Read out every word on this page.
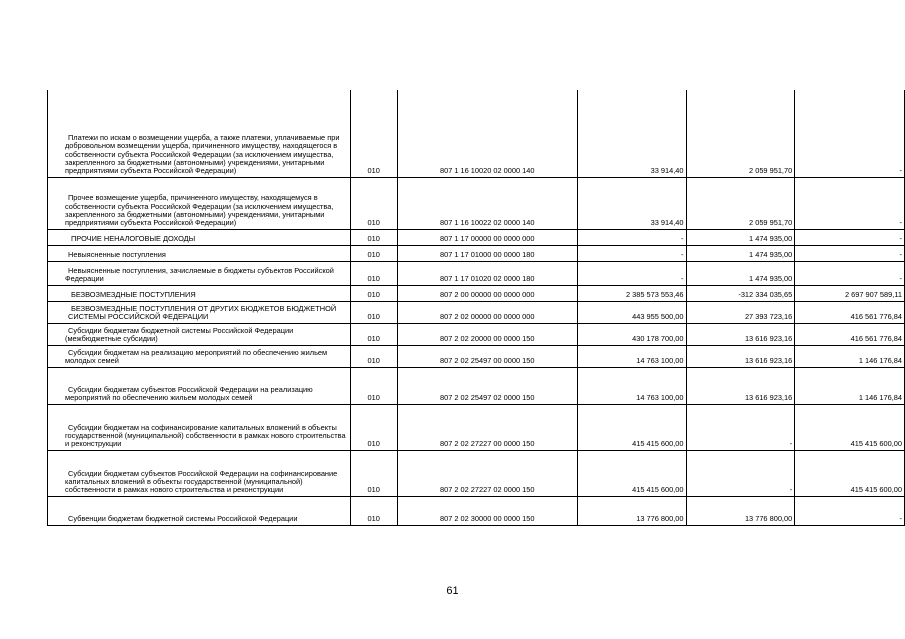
Платежи по искам о возмещении ущерба, а также платежи, уплачиваемые при добровольном возмещении ущерба, причиненного имуществу, находящегося в собственности субъекта Российской Федерации (за исключением имущества, закрепленного за бюджетными (автономными) учреждениями, унитарными предприятиями субъекта Российской Федерации)	010	807 1 16 10020 02 0000 140	33 914,40	2 059 951,70	-
Прочее возмещение ущерба, причиненного имуществу, находящемуся в собственности субъекта Российской Федерации (за исключением имущества, закрепленного за бюджетными (автономными) учреждениями, унитарными предприятиями субъекта Российской Федерации)	010	807 1 16 10022 02 0000 140	33 914,40	2 059 951,70	-
ПРОЧИЕ НЕНАЛОГОВЫЕ ДОХОДЫ	010	807 1 17 00000 00 0000 000	-	1 474 935,00	-
Невыясненные поступления	010	807 1 17 01000 00 0000 180	-	1 474 935,00	-
Невыясненные поступления, зачисляемые в бюджеты субъектов Российской Федерации	010	807 1 17 01020 02 0000 180	-	1 474 935,00	-
БЕЗВОЗМЕЗДНЫЕ ПОСТУПЛЕНИЯ	010	807 2 00 00000 00 0000 000	2 385 573 553,46	-312 334 035,65	2 697 907 589,11
БЕЗВОЗМЕЗДНЫЕ ПОСТУПЛЕНИЯ ОТ ДРУГИХ БЮДЖЕТОВ БЮДЖЕТНОЙ СИСТЕМЫ РОССИЙСКОЙ ФЕДЕРАЦИИ	010	807 2 02 00000 00 0000 000	443 955 500,00	27 393 723,16	416 561 776,84
Субсидии бюджетам бюджетной системы Российской Федерации (межбюджетные субсидии)	010	807 2 02 20000 00 0000 150	430 178 700,00	13 616 923,16	416 561 776,84
Субсидии бюджетам на реализацию мероприятий по обеспечению жильем молодых семей	010	807 2 02 25497 00 0000 150	14 763 100,00	13 616 923,16	1 146 176,84
Субсидии бюджетам субъектов Российской Федерации на реализацию мероприятий по обеспечению жильем молодых семей	010	807 2 02 25497 02 0000 150	14 763 100,00	13 616 923,16	1 146 176,84
Субсидии бюджетам на софинансирование капитальных вложений в объекты государственной (муниципальной) собственности в рамках нового строительства и реконструкции	010	807 2 02 27227 00 0000 150	415 415 600,00	-	415 415 600,00
Субсидии бюджетам субъектов Российской Федерации на софинансирование капитальных вложений в объекты государственной (муниципальной) собственности в рамках нового строительства и реконструкции	010	807 2 02 27227 02 0000 150	415 415 600,00	-	415 415 600,00
Субвенции бюджетам бюджетной системы Российской Федерации	010	807 2 02 30000 00 0000 150	13 776 800,00	13 776 800,00	-
61
